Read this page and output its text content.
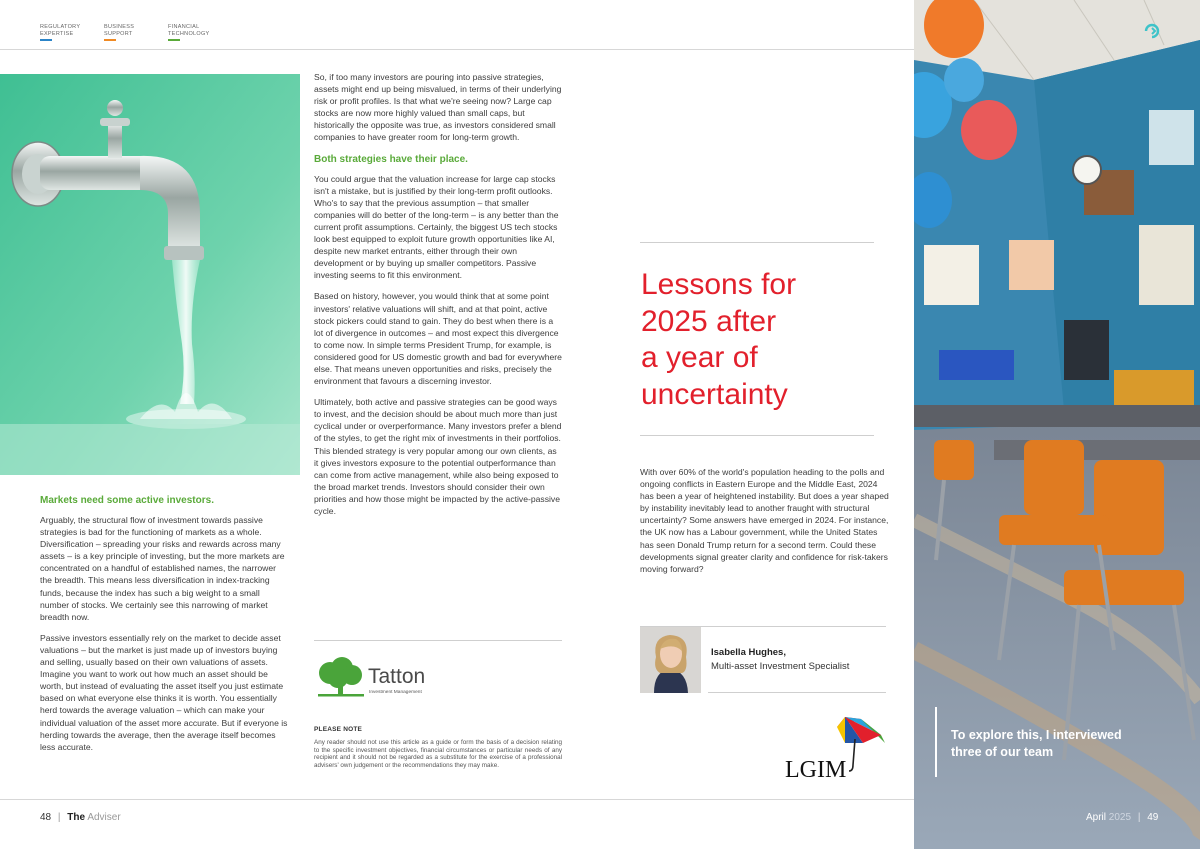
REGULATORY
EXPERTISE
BUSINESS
SUPPORT
FINANCIAL
TECHNOLOGY
Markets need some active investors.

Arguably, the structural flow of investment towards passive strategies is bad for the functioning of markets as a whole. Diversification – spreading your risks and rewards across many assets – is a key principle of investing, but the more markets are concentrated on a handful of established names, the narrower the breadth. This means less diversification in index-tracking funds, because the index has such a big weight to a small number of stocks. We certainly see this narrowing of market breadth now.

Passive investors essentially rely on the market to decide asset valuations – but the market is just made up of investors buying and selling, usually based on their own valuations of assets. Imagine you want to work out how much an asset should be worth, but instead of evaluating the asset itself you just estimate based on what everyone else thinks it is worth. You essentially herd towards the average valuation – which can make your individual valuation of the asset more accurate. But if everyone is herding towards the average, then the average itself becomes less accurate.

So, if too many investors are pouring into passive strategies, assets might end up being misvalued, in terms of their underlying risk or profit profiles. Is that what we're seeing now? Large cap stocks are now more highly valued than small caps, but historically the opposite was true, as investors considered small companies to have greater room for long-term growth.

Both strategies have their place.

You could argue that the valuation increase for large cap stocks isn't a mistake, but is justified by their long-term profit outlooks. Who's to say that the previous assumption – that smaller companies will do better of the long-term – is any better than the current profit assumptions. Certainly, the biggest US tech stocks look best equipped to exploit future growth opportunities like AI, despite new market entrants, either through their own development or by buying up smaller competitors. Passive investing seems to fit this environment.

Based on history, however, you would think that at some point investors' relative valuations will shift, and at that point, active stock pickers could stand to gain. They do best when there is a lot of divergence in outcomes – and most expect this divergence to come now. In simple terms President Trump, for example, is considered good for US domestic growth and bad for everywhere else. That means uneven opportunities and risks, precisely the environment that favours a discerning investor.

Ultimately, both active and passive strategies can be good ways to invest, and the decision should be about much more than just cyclical under or overperformance. Many investors prefer a blend of the styles, to get the right mix of investments in their portfolios. This blended strategy is very popular among our own clients, as it gives investors exposure to the potential outperformance than can come from active management, while also being exposed to the broad market trends. Investors should consider their own priorities and how those might be impacted by the active-passive cycle.

Tatton
Investment Management
PLEASE NOTE
Any reader should not use this article as a guide or form the basis of a decision relating to the specific investment objectives, financial circumstances or particular needs of any recipient and it should not be regarded as a substitute for the exercise of a professional advisers' own judgement or the recommendations they may make.
Lessons for
2025 after
a year of
uncertainty
With over 60% of the world's population heading to the polls and ongoing conflicts in Eastern Europe and the Middle East, 2024 has been a year of heightened instability. But does a year shaped by instability inevitably lead to another fraught with structural uncertainty? Some answers have emerged in 2024. For instance, the UK now has a Labour government, while the United States has seen Donald Trump return for a second term. Could these developments signal greater clarity and confidence for risk-takers moving forward?
Isabella Hughes,
Multi-asset Investment Specialist
LGIM
To explore this, I interviewed three of our team
48 | The Adviser	April 2025 | 49
